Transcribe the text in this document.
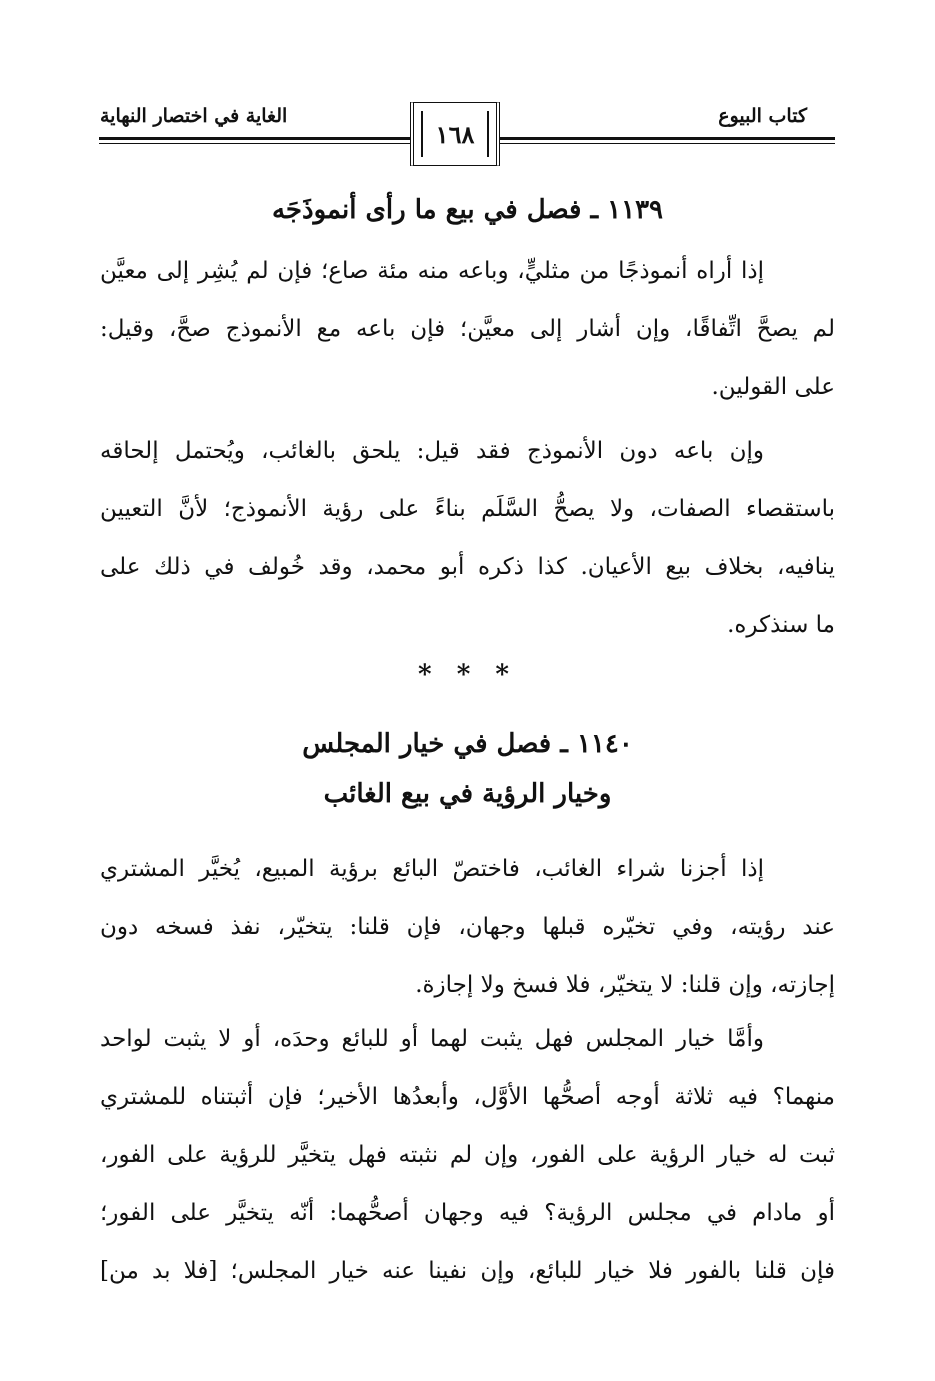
كتاب البيوع
الغاية في اختصار النهاية
١٦٨
١١٣٩ ـ فصل في بيع ما رأى أنموذَجَه
إذا أراه أنموذجًا من مثليٍّ، وباعه منه مئة صاع؛ فإن لم يُشِر إلى معيَّن
لم يصحَّ اتِّفاقًا، وإن أشار إلى معيَّن؛ فإن باعه مع الأنموذج صحَّ، وقيل:
على القولين.
وإن باعه دون الأنموذج فقد قيل: يلحق بالغائب، ويُحتمل إلحاقه
باستقصاء الصفات، ولا يصحُّ السَّلَم بناءً على رؤية الأنموذج؛ لأنَّ التعيين
ينافيه، بخلاف بيع الأعيان. كذا ذكره أبو محمد، وقد خُولف في ذلك على
ما سنذكره.
* * *
١١٤٠ ـ فصل في خيار المجلس
وخيار الرؤية في بيع الغائب
إذا أجزنا شراء الغائب، فاختصّ البائع برؤية المبيع، يُخيَّر المشتري
عند رؤيته، وفي تخيّره قبلها وجهان، فإن قلنا: يتخيّر، نفذ فسخه دون
إجازته، وإن قلنا: لا يتخيّر، فلا فسخ ولا إجازة.
وأمَّا خيار المجلس فهل يثبت لهما أو للبائع وحدَه، أو لا يثبت لواحد
منهما؟ فيه ثلاثة أوجه أصحُّها الأوَّل، وأبعدُها الأخير؛ فإن أثبتناه للمشتري
ثبت له خيار الرؤية على الفور، وإن لم نثبته فهل يتخيَّر للرؤية على الفور،
أو مادام في مجلس الرؤية؟ فيه وجهان أصحُّهما: أنّه يتخيَّر على الفور؛
فإن قلنا بالفور فلا خيار للبائع، وإن نفينا عنه خيار المجلس؛ [فلا بد من]
